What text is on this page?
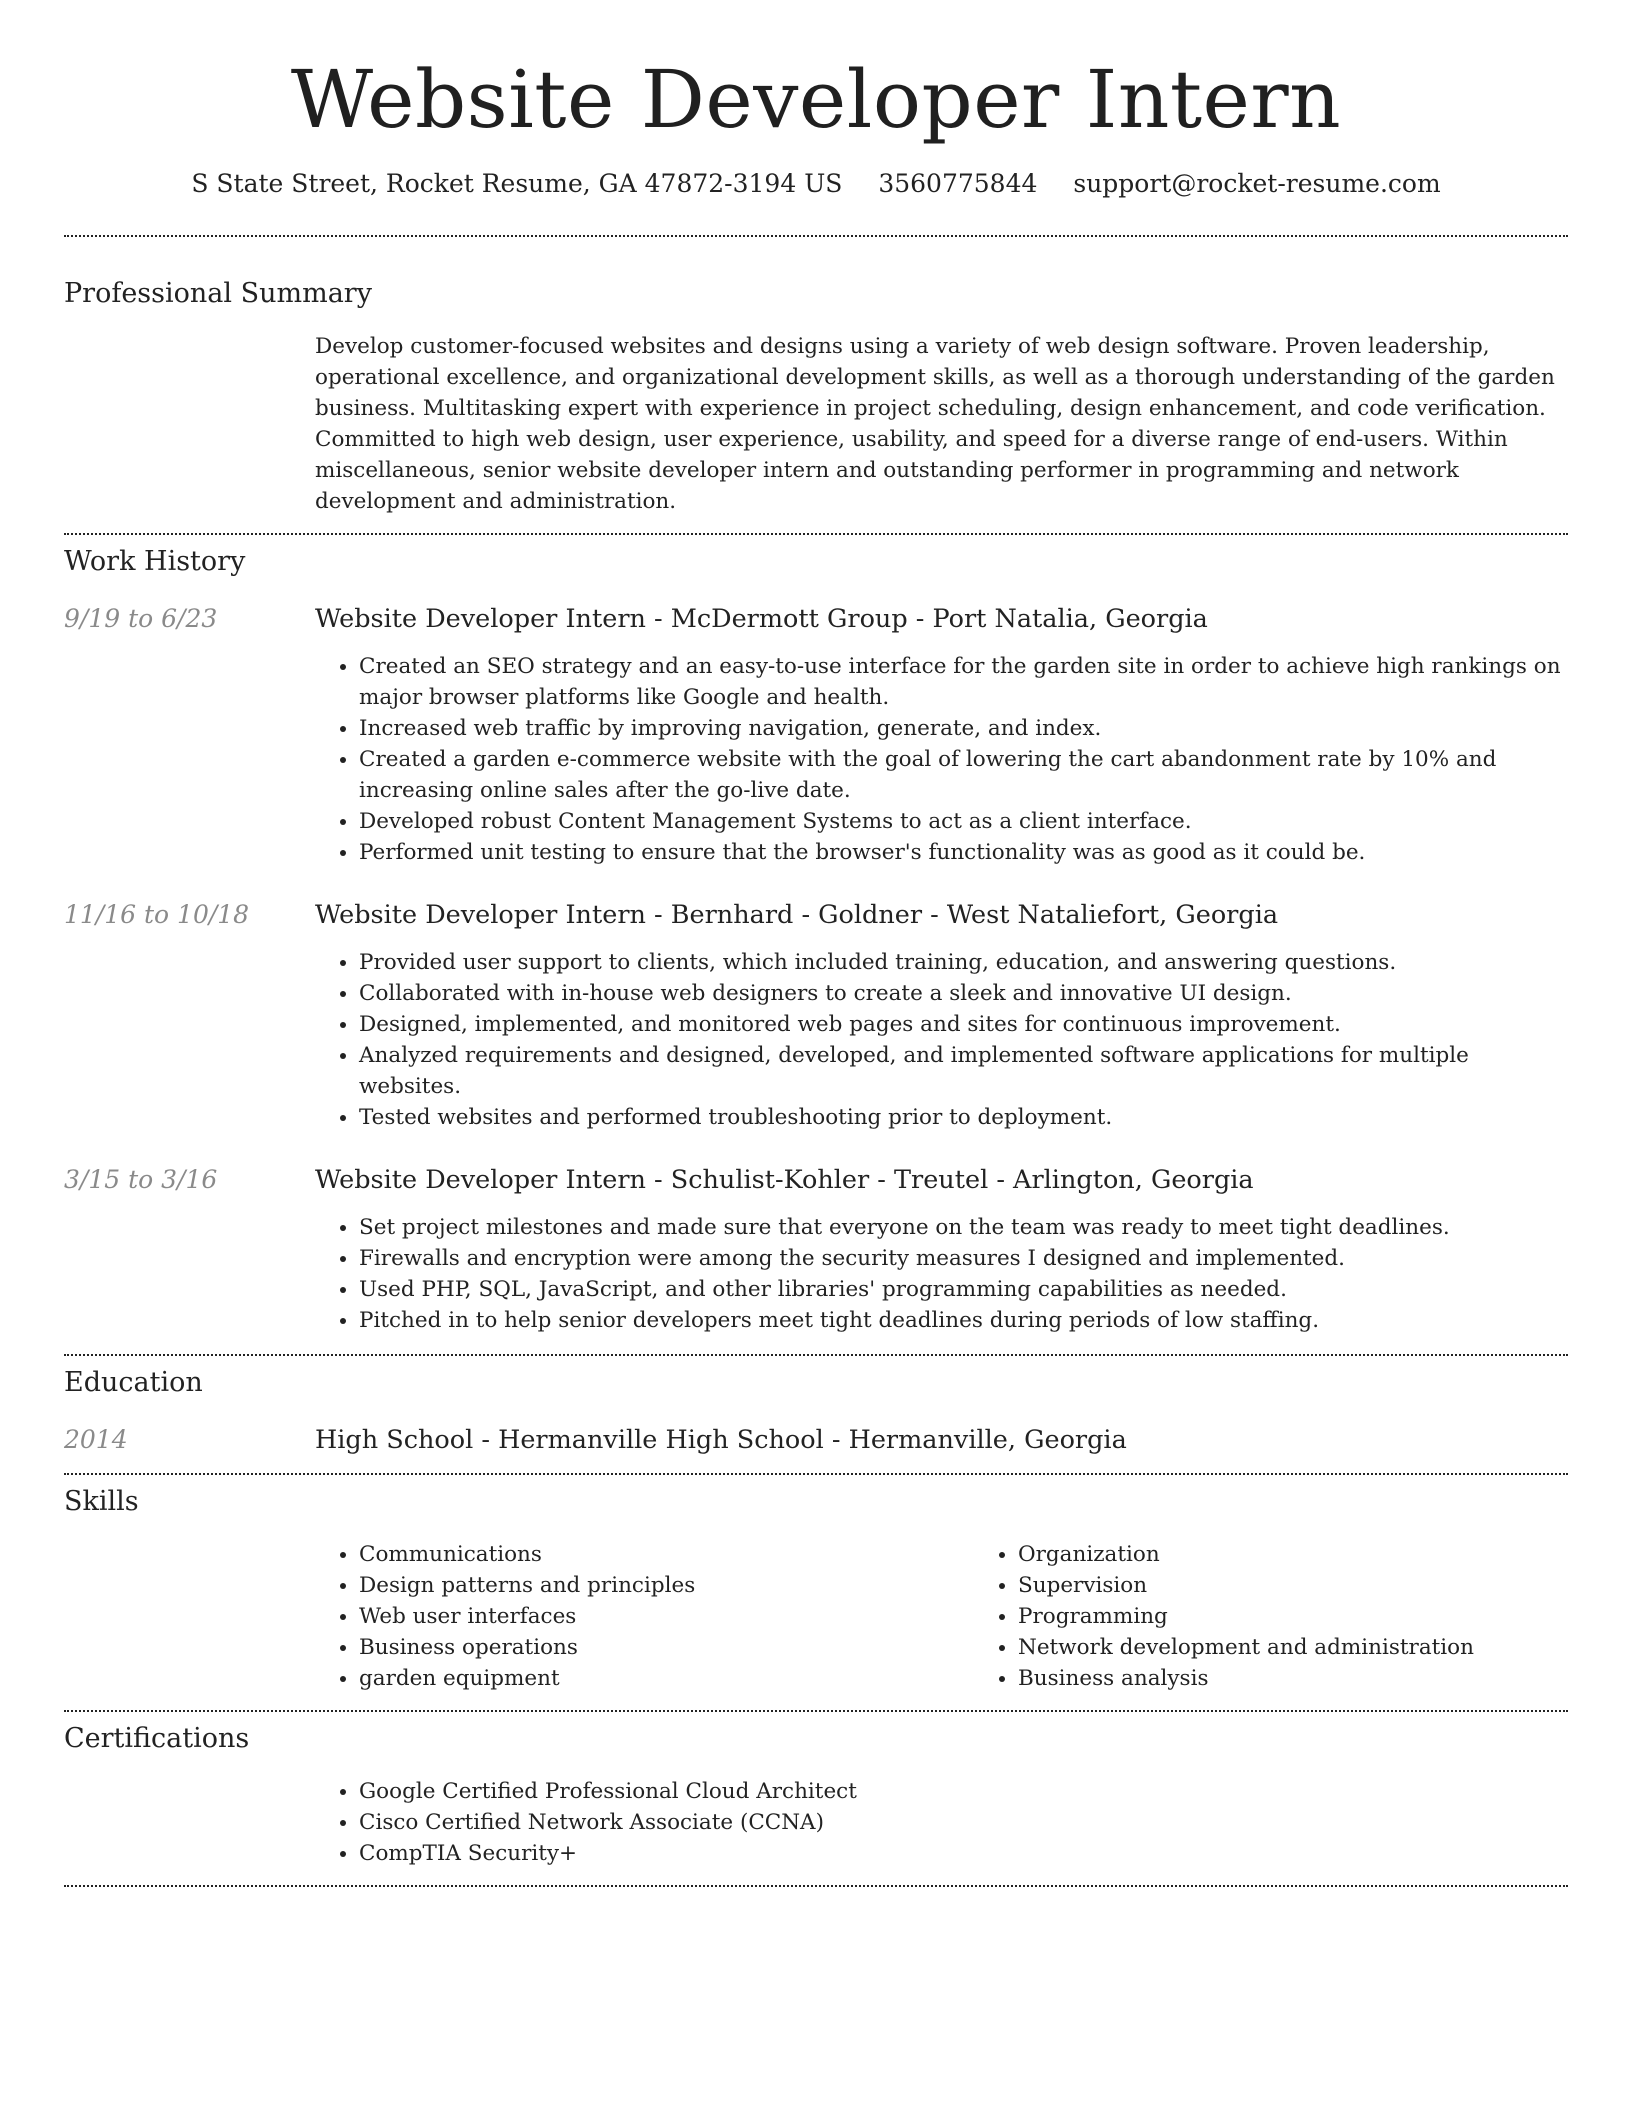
Website Developer Intern
S State Street, Rocket Resume, GA 47872-3194 US 3560775844 support@rocket-resume.com
Professional Summary
Develop customer-focused websites and designs using a variety of web design software. Proven leadership, operational excellence, and organizational development skills, as well as a thorough understanding of the garden business. Multitasking expert with experience in project scheduling, design enhancement, and code verification. Committed to high web design, user experience, usability, and speed for a diverse range of end-users. Within miscellaneous, senior website developer intern and outstanding performer in programming and network development and administration.
Work History
9/19 to 6/23	Website Developer Intern - McDermott Group - Port Natalia, Georgia
• Created an SEO strategy and an easy-to-use interface for the garden site in order to achieve high rankings on major browser platforms like Google and health.
• Increased web traffic by improving navigation, generate, and index.
• Created a garden e-commerce website with the goal of lowering the cart abandonment rate by 10% and increasing online sales after the go-live date.
• Developed robust Content Management Systems to act as a client interface.
• Performed unit testing to ensure that the browser's functionality was as good as it could be.
11/16 to 10/18	Website Developer Intern - Bernhard - Goldner - West Nataliefort, Georgia
• Provided user support to clients, which included training, education, and answering questions.
• Collaborated with in-house web designers to create a sleek and innovative UI design.
• Designed, implemented, and monitored web pages and sites for continuous improvement.
• Analyzed requirements and designed, developed, and implemented software applications for multiple websites.
• Tested websites and performed troubleshooting prior to deployment.
3/15 to 3/16	Website Developer Intern - Schulist-Kohler - Treutel - Arlington, Georgia
• Set project milestones and made sure that everyone on the team was ready to meet tight deadlines.
• Firewalls and encryption were among the security measures I designed and implemented.
• Used PHP, SQL, JavaScript, and other libraries' programming capabilities as needed.
• Pitched in to help senior developers meet tight deadlines during periods of low staffing.
Education
2014	High School - Hermanville High School - Hermanville, Georgia
Skills
• Communications
• Design patterns and principles
• Web user interfaces
• Business operations
• garden equipment
• Organization
• Supervision
• Programming
• Network development and administration
• Business analysis
Certifications
• Google Certified Professional Cloud Architect
• Cisco Certified Network Associate (CCNA)
• CompTIA Security+
